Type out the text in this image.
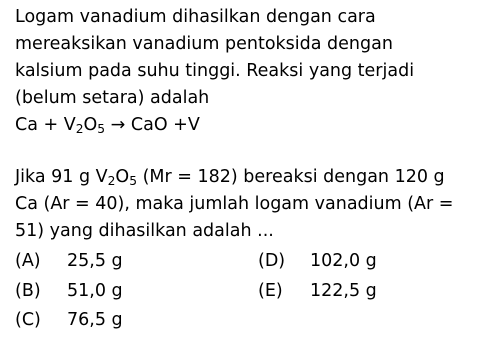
Logam vanadium dihasilkan dengan cara
mereaksikan vanadium pentoksida dengan
kalsium pada suhu tinggi. Reaksi yang terjadi
(belum setara) adalah
$Ca + V_2O_5$ → CaO +V
Jika 91 g $V_2O_5$ (Mr = 182) bereaksi dengan 120 g
Ca (Ar = 40), maka jumlah logam vanadium (Ar =
51) yang dihasilkan adalah ...
(A) 25,5 g
(B) 51,0 g
(C) 76,5 g
(D) 102,0 g
(E) 122,5 g
